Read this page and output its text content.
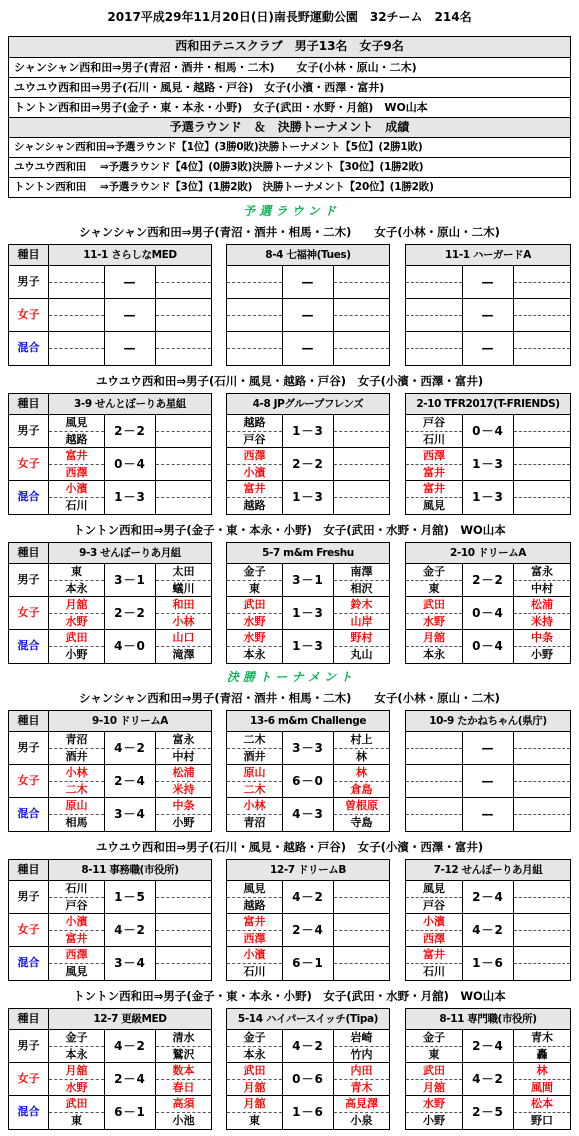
2017平成29年11月20日(日)南長野運動公園　32チーム　214名
西和田テニスクラブ　男子13名　女子9名
シャンシャン西和田⇒男子(青沼・酒井・相馬・二木)　　女子(小林・原山・二木)
ユウユウ西和田⇒男子(石川・風見・越路・戸谷)　女子(小濱・西澤・富井)
トントン西和田⇒男子(金子・東・本永・小野)　女子(武田・水野・月舘)　WO山本
予選ラウンド　＆　決勝トーナメント　成績
シャンシャン西和田⇒予選ラウンド【1位】(3勝0敗)決勝トーナメント【5位】(2勝1敗)
ユウユウ西和田　 ⇒予選ラウンド【4位】(0勝3敗)決勝トーナメント【30位】(1勝2敗)
トントン西和田　 ⇒予選ラウンド【3位】(1勝2敗)　決勝トーナメント【20位】(1勝2敗)
予 選 ラ ウ ン ド
シャンシャン西和田⇒男子(青沼・酒井・相馬・二木)　　女子(小林・原山・二木)
種目
男子
女子
混合
11-1 さらしなMED
—
—
—
8-4 七福神(Tues)
—
—
—
11-1 ハーガードA
—
—
—
ユウユウ西和田⇒男子(石川・風見・越路・戸谷)　女子(小濱・西澤・富井)
種目
男子
女子
混合
3-9 せんとぼーりあ星組
風見
越路
2－2
富井
西澤
0－4
小濱
石川
1－3
4-8 JPグループフレンズ
越路
戸谷
1－3
西澤
小濱
2－2
富井
越路
1－3
2-10 TFR2017(T-FRIENDS)
戸谷
石川
0－4
西澤
富井
1－3
富井
風見
1－3
トントン西和田⇒男子(金子・東・本永・小野)　女子(武田・水野・月舘)　WO山本
種目
男子
女子
混合
9-3 せんぼーりあ月組
東
本永
3－1
太田
蟻川
月舘
水野
2－2
和田
小林
武田
小野
4－0
山口
滝澤
5-7 m&m Freshu
金子
東
3－1
南澤
相沢
武田
水野
1－3
鈴木
山岸
水野
本永
1－3
野村
丸山
2-10 ドリームA
金子
東
2－2
富永
中村
武田
水野
0－4
松浦
米持
月舘
本永
0－4
中条
小野
決 勝 ト ー ナ メ ン ト
シャンシャン西和田⇒男子(青沼・酒井・相馬・二木)　　女子(小林・原山・二木)
種目
男子
女子
混合
9-10 ドリームA
青沼
酒井
4－2
富永
中村
小林
二木
2－4
松浦
米持
原山
相馬
3－4
中条
小野
13-6 m&m Challenge
二木
酒井
3－3
村上
林
原山
二木
6－0
林
倉島
小林
青沼
4－3
曽根原
寺島
10-9 たかねちゃん(県庁)
—
—
—
ユウユウ西和田⇒男子(石川・風見・越路・戸谷)　女子(小濱・西澤・富井)
種目
男子
女子
混合
8-11 事務職(市役所)
石川
戸谷
1－5
小濱
富井
4－2
西澤
風見
3－4
12-7 ドリームB
風見
越路
4－2
富井
西澤
2－4
小濱
石川
6－1
7-12 せんぼーりあ月組
風見
戸谷
2－4
小濱
西澤
4－2
富井
石川
1－6
トントン西和田⇒男子(金子・東・本永・小野)　女子(武田・水野・月舘)　WO山本
種目
男子
女子
混合
12-7 更級MED
金子
本永
4－2
清水
鷲沢
月舘
水野
2－4
数本
春日
武田
東
6－1
高須
小池
5-14 ハイパースイッチ(Tipa)
金子
本永
4－2
岩崎
竹内
武田
月舘
0－6
内田
青木
月舘
東
1－6
高見澤
小泉
8-11 専門職(市役所)
金子
東
2－4
青木
轟
武田
月舘
4－2
林
風間
水野
小野
2－5
松本
野口
